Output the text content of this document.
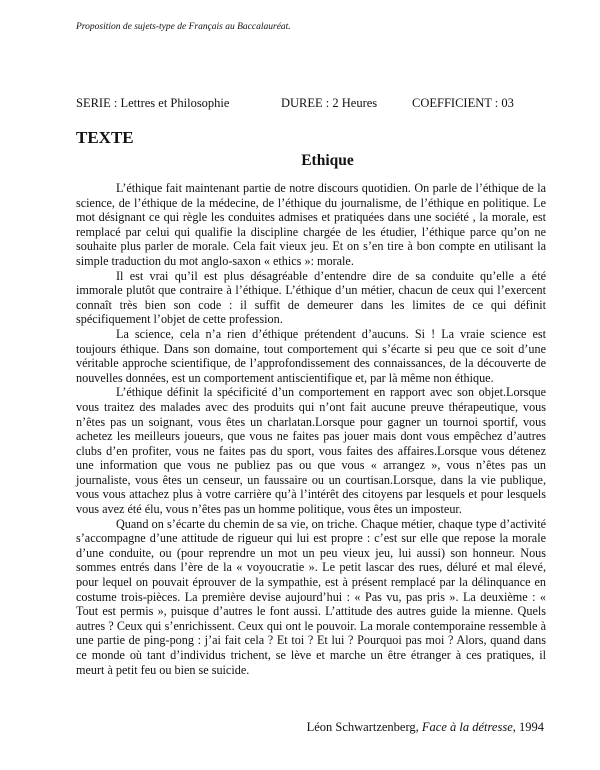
Proposition de sujets-type de Français au Baccalauréat.
SERIE : Lettres et Philosophie	DUREE : 2 Heures	COEFFICIENT : 03
TEXTE
Ethique

L’éthique fait maintenant partie de notre discours quotidien. On parle de l’éthique de la science, de l’éthique de la médecine, de l’éthique du journalisme, de l’éthique en politique. Le mot désignant ce qui règle les conduites admises et pratiquées dans une société , la morale, est remplacé par celui qui qualifie la discipline chargée de les étudier, l’éthique parce qu’on ne souhaite plus parler de morale. Cela fait vieux jeu. Et on s’en tire à bon compte en utilisant la simple traduction du mot anglo-saxon « ethics »: morale.

Il est vrai qu’il est plus désagréable d’entendre dire de sa conduite qu’elle a été immorale plutôt que contraire à l’éthique. L’éthique d’un métier, chacun de ceux qui l’exercent connaît très bien son code : il suffit de demeurer dans les limites de ce qui définit spécifiquement l’objet de cette profession.

La science, cela n’a rien d’éthique prétendent d’aucuns. Si ! La vraie science est toujours éthique. Dans son domaine, tout comportement qui s’écarte si peu que ce soit d’une véritable approche scientifique, de l’approfondissement des connaissances, de la découverte de nouvelles données, est un comportement antiscientifique et, par là même non éthique.

L’éthique définit la spécificité d’un comportement en rapport avec son objet.Lorsque vous traitez des malades avec des produits qui n’ont fait aucune preuve thérapeutique, vous n’êtes pas un soignant, vous êtes un charlatan.Lorsque pour gagner un tournoi sportif, vous achetez les meilleurs joueurs, que vous ne faites pas jouer mais dont vous empêchez d’autres clubs d’en profiter, vous ne faites pas du sport, vous faites des affaires.Lorsque vous détenez une information que vous ne publiez pas ou que vous « arrangez », vous n’êtes pas un journaliste, vous êtes un censeur, un faussaire ou un courtisan.Lorsque, dans la vie publique, vous vous attachez plus à votre carrière qu’à l’intérêt des citoyens par lesquels et pour lesquels vous avez été élu, vous n’êtes pas un homme politique, vous êtes un imposteur.

Quand on s’écarte du chemin de sa vie, on triche. Chaque métier, chaque type d’activité s’accompagne d’une attitude de rigueur qui lui est propre : c’est sur elle que repose la morale d’une conduite, ou (pour reprendre un mot un peu vieux jeu, lui aussi) son honneur. Nous sommes entrés dans l’ère de la « voyoucratie ». Le petit lascar des rues, déluré et mal élevé, pour lequel on pouvait éprouver de la sympathie, est à présent remplacé par la délinquance en costume trois-pièces. La première devise aujourd’hui : « Pas vu, pas pris ». La deuxième : « Tout est permis », puisque d’autres le font aussi. L’attitude des autres guide la mienne. Quels autres ? Ceux qui s’enrichissent. Ceux qui ont le pouvoir. La morale contemporaine ressemble à une partie de ping-pong : j’ai fait cela ? Et toi ? Et lui ? Pourquoi pas moi ? Alors, quand dans ce monde où tant d’individus trichent, se lève et marche un être étranger à ces pratiques, il meurt à petit feu ou bien se suicide.

Léon Schwartzenberg, Face à la détresse, 1994
